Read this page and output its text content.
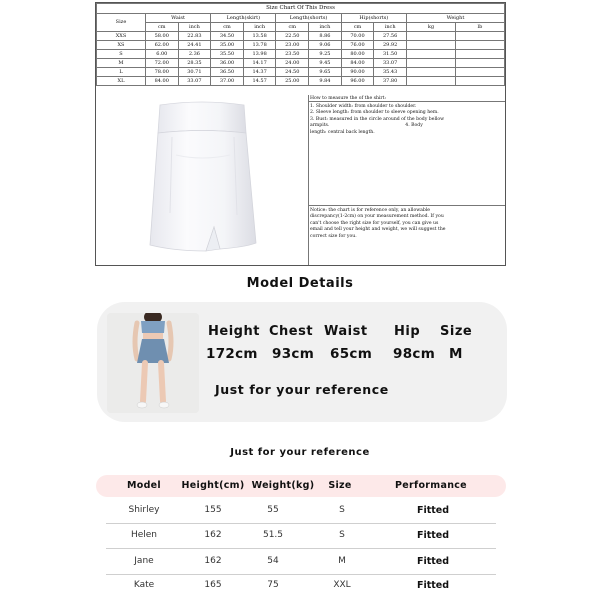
Size Chart Of This Dress										
Size	Waist		Length(skirt)		Length(shorts)		Hip(shorts)		Weight	
	cm	inch	cm	inch	cm	inch	cm	inch	kg	lb
XXS	58.00	22.83	34.50	13.58	22.50	8.86	70.00	27.56		
XS	62.00	24.41	35.00	13.78	23.00	9.06	76.00	29.92		
S	6.00	2.36	35.50	13.98	23.50	9.25	80.00	31.50		
M	72.00	28.35	36.00	14.17	24.00	9.45	84.00	33.07		
L	78.00	30.71	36.50	14.37	24.50	9.65	90.00	35.43		
XL	84.00	33.07	37.00	14.57	25.00	9.84	96.00	37.80		
How to measure the of the shirt:
1. Shoulder width: from shoulder to shoulder.
2. Sleeve length: from shoulder to sleeve opening hem.
3. Bust: measured in the circle around of the body bellow
armpits.                                                    4. Body
length: central back length.
Notice: the chart is for reference only, an allowable
discrepancy(1-2cm) on your measurement method. If you
can't choose the right size for yourself, you can give us
email and tell your height and weight, we will suggest the
correct size for you.
Model Details
Height Chest Waist Hip Size
172cm 93cm 65cm 98cm M
Just for your reference
Just for your reference
Model	Height(cm) Weight(kg)	Size	Performance
Shirley	155	55	S	Fitted
Helen	162	51.5	S	Fitted
Jane	162	54	M	Fitted
Kate	165	75	XXL	Fitted
